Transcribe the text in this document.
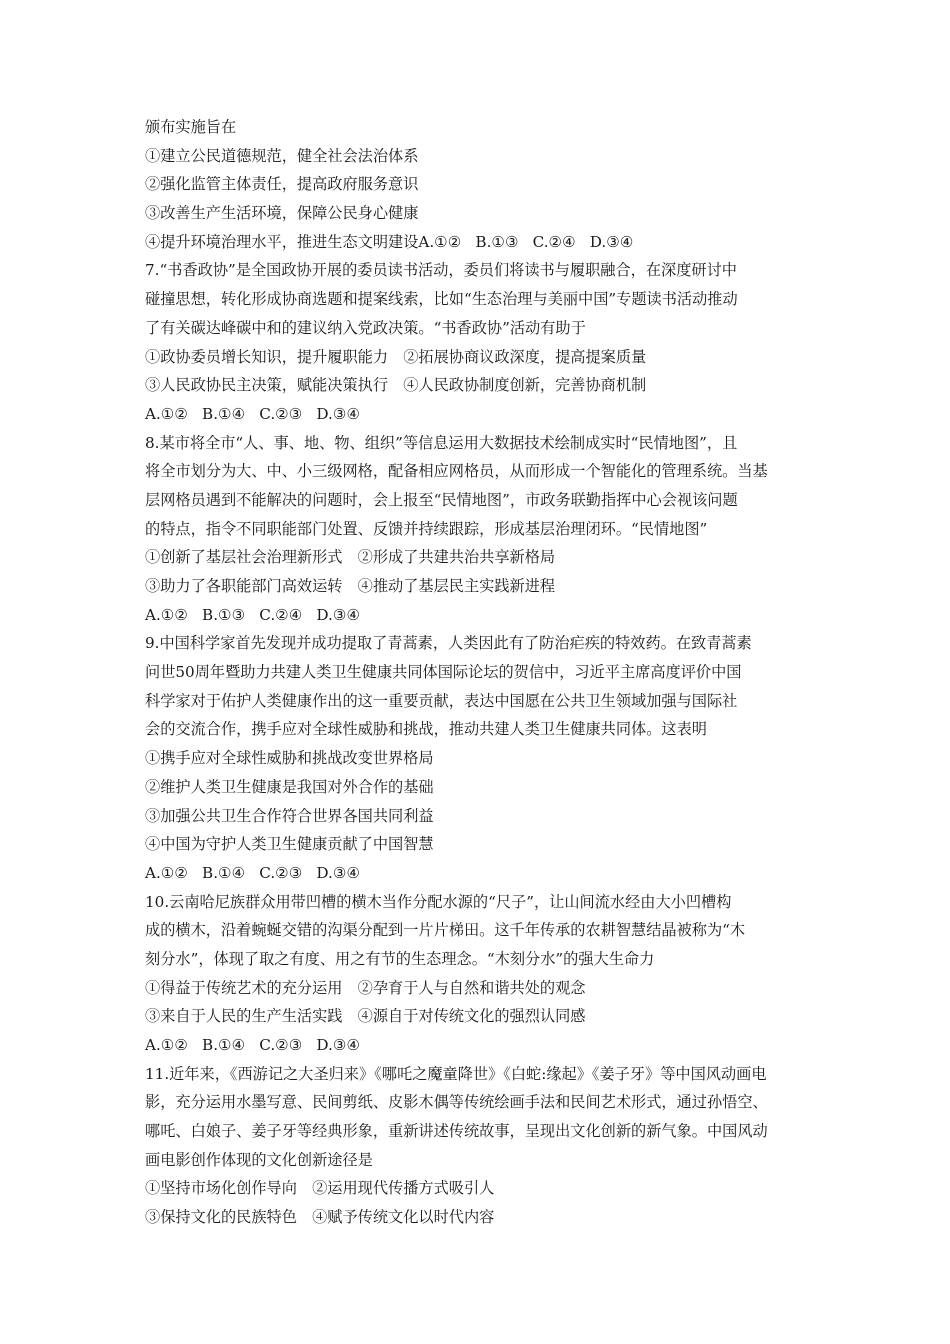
颁布实施旨在
①建立公民道德规范，健全社会法治体系
②强化监管主体责任，提高政府服务意识
③改善生产生活环境，保障公民身心健康
④提升环境治理水平，推进生态文明建设A.①② B.①③ C.②④ D.③④
7.“书香政协”是全国政协开展的委员读书活动，委员们将读书与履职融合，在深度研讨中
碰撞思想，转化形成协商选题和提案线索，比如“生态治理与美丽中国”专题读书活动推动
了有关碳达峰碳中和的建议纳入党政决策。“书香政协”活动有助于
①政协委员增长知识，提升履职能力　②拓展协商议政深度，提高提案质量
③人民政协民主决策，赋能决策执行　④人民政协制度创新，完善协商机制
A.①② B.①④ C.②③ D.③④
8.某市将全市“人、事、地、物、组织”等信息运用大数据技术绘制成实时“民情地图”，且
将全市划分为大、中、小三级网格，配备相应网格员，从而形成一个智能化的管理系统。当基
层网格员遇到不能解决的问题时，会上报至“民情地图”，市政务联勤指挥中心会视该问题
的特点，指令不同职能部门处置、反馈并持续跟踪，形成基层治理闭环。“民情地图”
①创新了基层社会治理新形式　②形成了共建共治共享新格局
③助力了各职能部门高效运转　④推动了基层民主实践新进程
A.①② B.①③ C.②④ D.③④
9.中国科学家首先发现并成功提取了青蒿素，人类因此有了防治疟疾的特效药。在致青蒿素
问世50周年暨助力共建人类卫生健康共同体国际论坛的贺信中，习近平主席高度评价中国
科学家对于佑护人类健康作出的这一重要贡献，表达中国愿在公共卫生领域加强与国际社
会的交流合作，携手应对全球性威胁和挑战，推动共建人类卫生健康共同体。这表明
①携手应对全球性威胁和挑战改变世界格局
②维护人类卫生健康是我国对外合作的基础
③加强公共卫生合作符合世界各国共同利益
④中国为守护人类卫生健康贡献了中国智慧
A.①② B.①④ C.②③ D.③④
10.云南哈尼族群众用带凹槽的横木当作分配水源的“尺子”，让山间流水经由大小凹槽构
成的横木，沿着蜿蜒交错的沟渠分配到一片片梯田。这千年传承的农耕智慧结晶被称为“木
刻分水”，体现了取之有度、用之有节的生态理念。“木刻分水”的强大生命力
①得益于传统艺术的充分运用　②孕育于人与自然和谐共处的观念
③来自于人民的生产生活实践　④源自于对传统文化的强烈认同感
A.①② B.①④ C.②③ D.③④
11.近年来，《西游记之大圣归来》《哪吒之魔童降世》《白蛇:缘起》《姜子牙》等中国风动画电
影，充分运用水墨写意、民间剪纸、皮影木偶等传统绘画手法和民间艺术形式，通过孙悟空、
哪吒、白娘子、姜子牙等经典形象，重新讲述传统故事，呈现出文化创新的新气象。中国风动
画电影创作体现的文化创新途径是
①坚持市场化创作导向　②运用现代传播方式吸引人
③保持文化的民族特色　④赋予传统文化以时代内容
